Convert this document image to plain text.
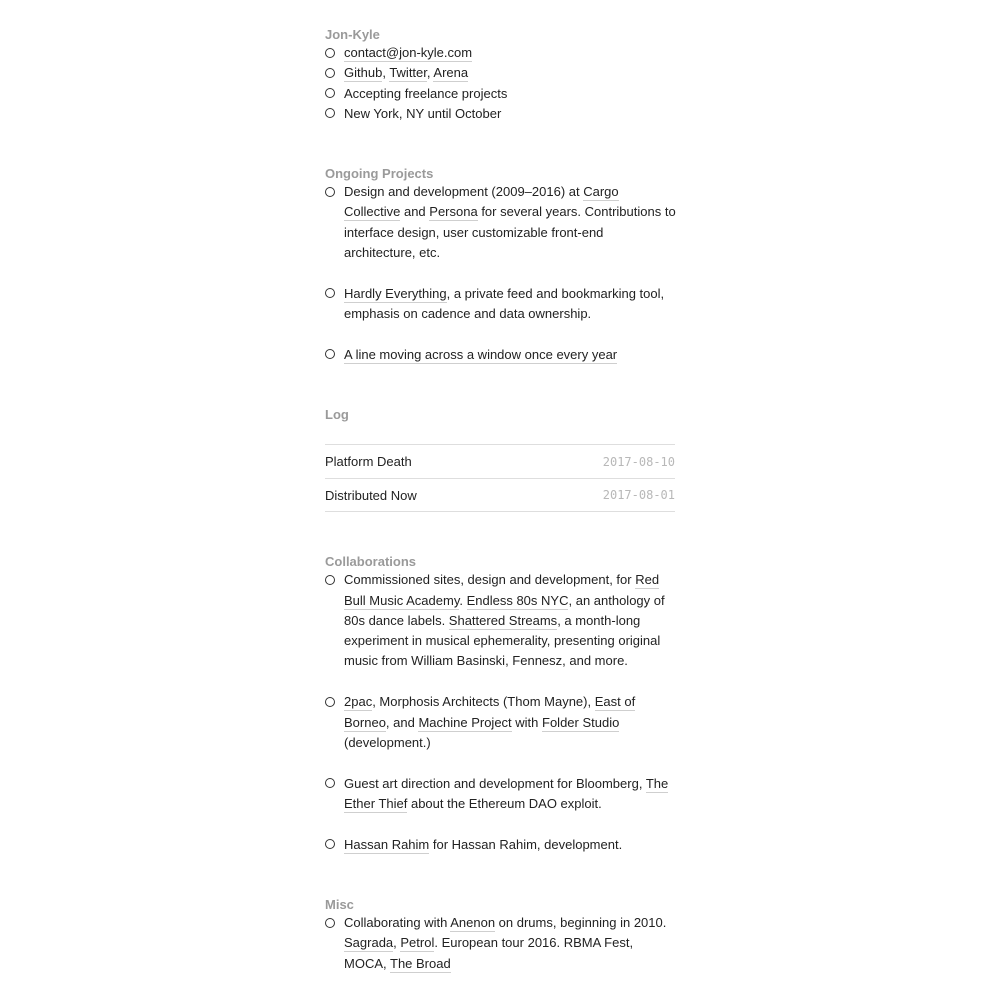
Jon-Kyle
contact@jon-kyle.com
Github, Twitter, Arena
Accepting freelance projects
New York, NY until October
Ongoing Projects
Design and development (2009–2016) at Cargo Collective and Persona for several years. Contributions to interface design, user customizable front-end architecture, etc.
Hardly Everything, a private feed and bookmarking tool, emphasis on cadence and data ownership.
A line moving across a window once every year
Log
Platform Death	2017-08-10
Distributed Now	2017-08-01
Collaborations
Commissioned sites, design and development, for Red Bull Music Academy. Endless 80s NYC, an anthology of 80s dance labels. Shattered Streams, a month-long experiment in musical ephemerality, presenting original music from William Basinski, Fennesz, and more.
2pac, Morphosis Architects (Thom Mayne), East of Borneo, and Machine Project with Folder Studio (development.)
Guest art direction and development for Bloomberg, The Ether Thief about the Ethereum DAO exploit.
Hassan Rahim for Hassan Rahim, development.
Misc
Collaborating with Anenon on drums, beginning in 2010. Sagrada, Petrol. European tour 2016. RBMA Fest, MOCA, The Broad
